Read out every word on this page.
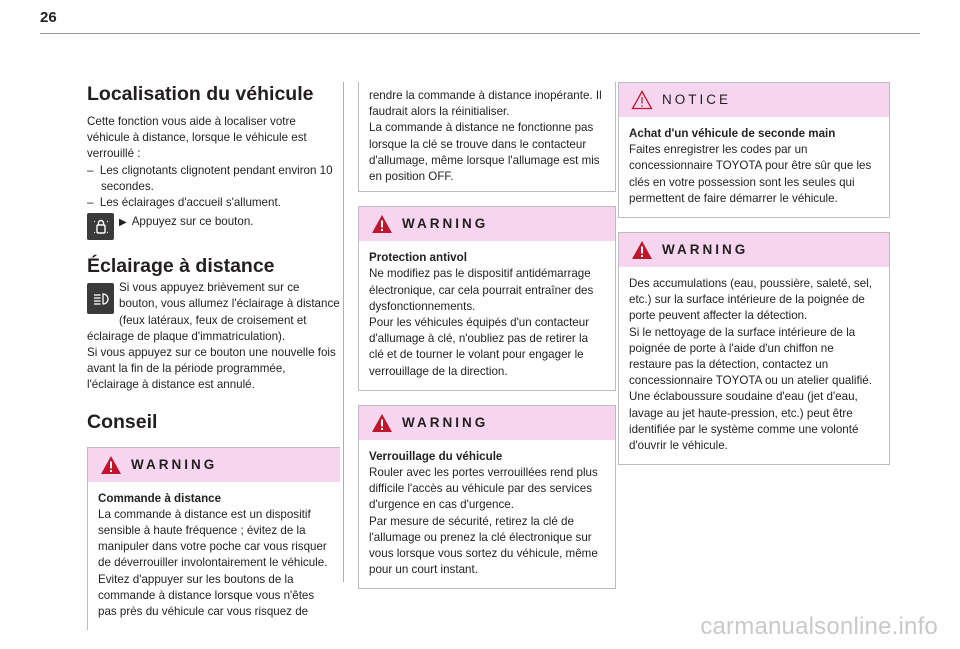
26
Localisation du véhicule

Cette fonction vous aide à localiser votre véhicule à distance, lorsque le véhicule est verrouillé :

–  Les clignotants clignotent pendant environ 10 secondes.

–  Les éclairages d'accueil s'allument.

▶ Appuyez sur ce bouton.
Éclairage à distance

Si vous appuyez brièvement sur ce bouton, vous allumez l'éclairage à distance (feux latéraux, feux de croisement et éclairage de plaque d'immatriculation).

Si vous appuyez sur ce bouton une nouvelle fois avant la fin de la période programmée, l'éclairage à distance est annulé.

Conseil
WARNING

Commande à distance

La commande à distance est un dispositif sensible à haute fréquence ; évitez de la manipuler dans votre poche car vous risquer de déverrouiller involontairement le véhicule. Evitez d'appuyer sur les boutons de la commande à distance lorsque vous n'êtes pas près du véhicule car vous risquez de

rendre la commande à distance inopérante. Il faudrait alors la réinitialiser.

La commande à distance ne fonctionne pas lorsque la clé se trouve dans le contacteur d'allumage, même lorsque l'allumage est mis en position OFF.

WARNING

Protection antivol

Ne modifiez pas le dispositif antidémarrage électronique, car cela pourrait entraîner des dysfonctionnements.

Pour les véhicules équipés d'un contacteur d'allumage à clé, n'oubliez pas de retirer la clé et de tourner le volant pour engager le verrouillage de la direction.

WARNING

Verrouillage du véhicule

Rouler avec les portes verrouillées rend plus difficile l'accès au véhicule par des services d'urgence en cas d'urgence.

Par mesure de sécurité, retirez la clé de l'allumage ou prenez la clé électronique sur vous lorsque vous sortez du véhicule, même pour un court instant.

NOTICE

Achat d'un véhicule de seconde main

Faites enregistrer les codes par un concessionnaire TOYOTA pour être sûr que les clés en votre possession sont les seules qui permettent de faire démarrer le véhicule.

WARNING

Des accumulations (eau, poussière, saleté, sel, etc.) sur la surface intérieure de la poignée de porte peuvent affecter la détection.

Si le nettoyage de la surface intérieure de la poignée de porte à l'aide d'un chiffon ne restaure pas la détection, contactez un concessionnaire TOYOTA ou un atelier qualifié.

Une éclaboussure soudaine d'eau (jet d'eau, lavage au jet haute-pression, etc.) peut être identifiée par le système comme une volonté d'ouvrir le véhicule.

carmanualsonline.info
